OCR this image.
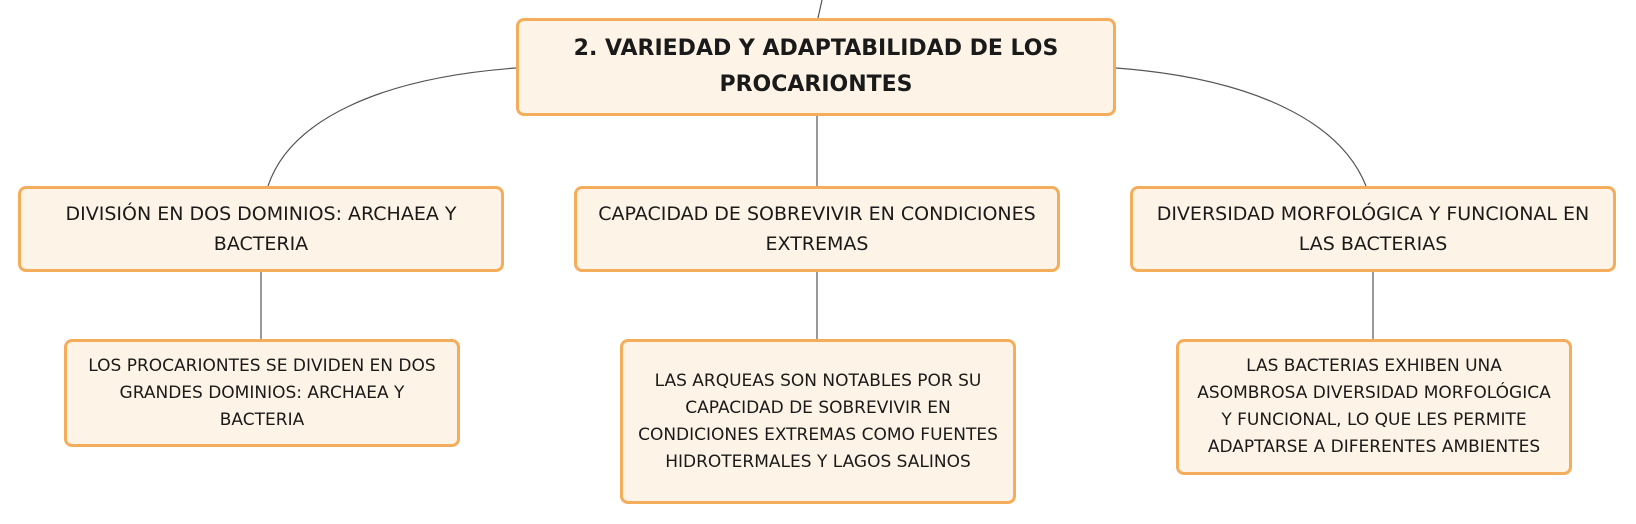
2. VARIEDAD Y ADAPTABILIDAD DE LOS PROCARIONTES
DIVISIÓN EN DOS DOMINIOS: ARCHAEA Y BACTERIA
CAPACIDAD DE SOBREVIVIR EN CONDICIONES EXTREMAS
DIVERSIDAD MORFOLÓGICA Y FUNCIONAL EN LAS BACTERIAS
LOS PROCARIONTES SE DIVIDEN EN DOS GRANDES DOMINIOS: ARCHAEA Y BACTERIA
LAS ARQUEAS SON NOTABLES POR SU CAPACIDAD DE SOBREVIVIR EN CONDICIONES EXTREMAS COMO FUENTES HIDROTERMALES Y LAGOS SALINOS
LAS BACTERIAS EXHIBEN UNA ASOMBROSA DIVERSIDAD MORFOLÓGICA Y FUNCIONAL, LO QUE LES PERMITE ADAPTARSE A DIFERENTES AMBIENTES
